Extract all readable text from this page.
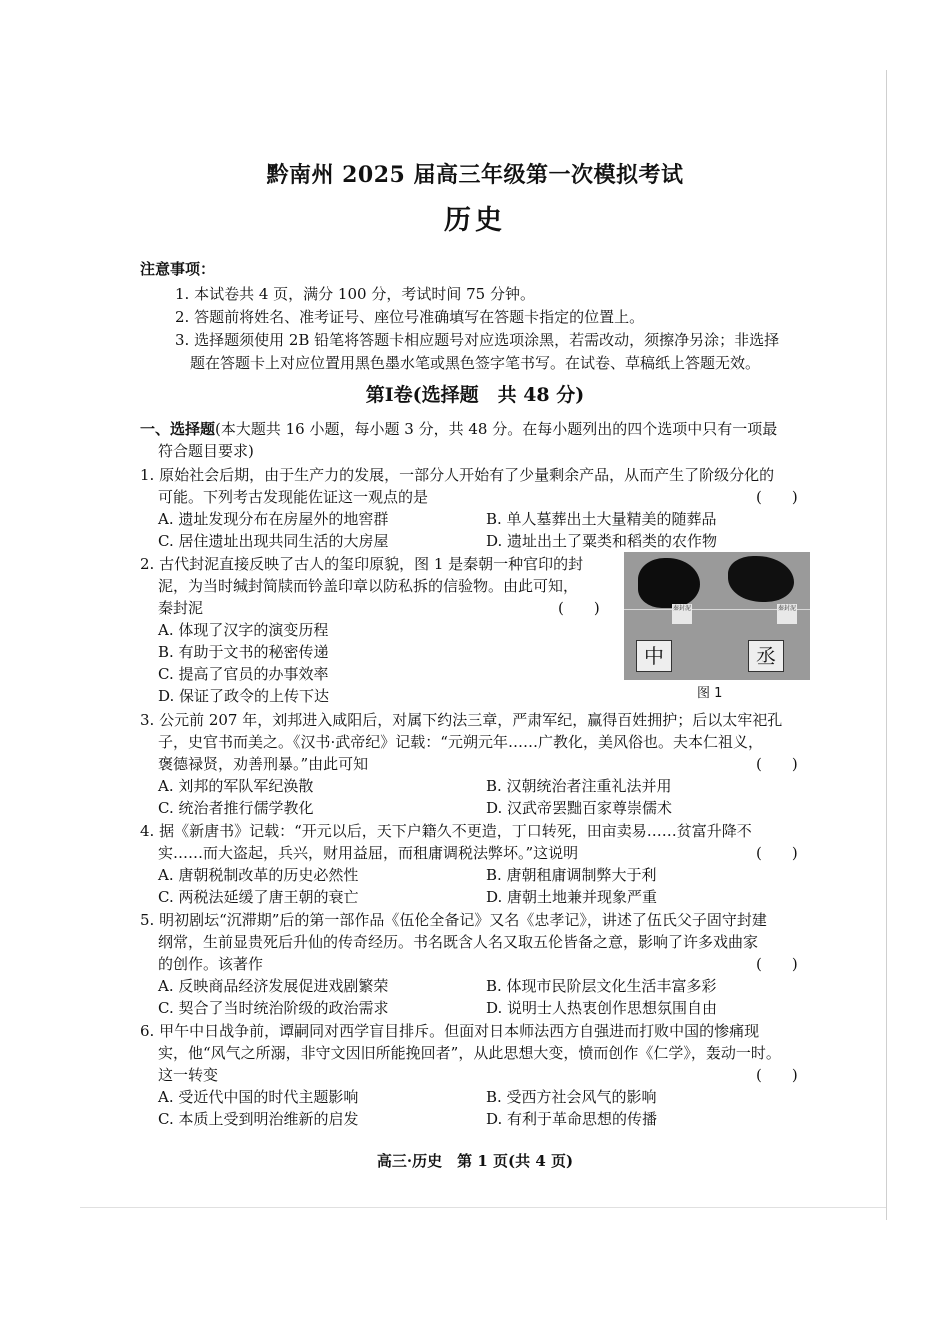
黔南州 2025 届高三年级第一次模拟考试
历史
注意事项：
1. 本试卷共 4 页，满分 100 分，考试时间 75 分钟。
2. 答题前将姓名、准考证号、座位号准确填写在答题卡指定的位置上。
3. 选择题须使用 2B 铅笔将答题卡相应题号对应选项涂黑，若需改动，须擦净另涂；非选择
题在答题卡上对应位置用黑色墨水笔或黑色签字笔书写。在试卷、草稿纸上答题无效。
第Ⅰ卷(选择题　共 48 分)
一、选择题(本大题共 16 小题，每小题 3 分，共 48 分。在每小题列出的四个选项中只有一项最
符合题目要求)
1. 原始社会后期，由于生产力的发展，一部分人开始有了少量剩余产品，从而产生了阶级分化的
可能。下列考古发现能佐证这一观点的是	(　　)
A. 遗址发现分布在房屋外的地窖群	B. 单人墓葬出土大量精美的随葬品
C. 居住遗址出现共同生活的大房屋	D. 遗址出土了粟类和稻类的农作物
2. 古代封泥直接反映了古人的玺印原貌，图 1 是秦朝一种官印的封
泥，为当时缄封简牍而钤盖印章以防私拆的信验物。由此可知，
秦封泥	(　　)
A. 体现了汉字的演变历程
B. 有助于文书的秘密传递
C. 提高了官员的办事效率
D. 保证了政令的上传下达
秦封泥	秦封泥
中	丞
图 1
3. 公元前 207 年，刘邦进入咸阳后，对属下约法三章，严肃军纪，赢得百姓拥护；后以太牢祀孔
子，史官书而美之。《汉书·武帝纪》记载：“元朔元年……广教化，美风俗也。夫本仁祖义，
褒德禄贤，劝善刑暴。”由此可知	(　　)
A. 刘邦的军队军纪涣散	B. 汉朝统治者注重礼法并用
C. 统治者推行儒学教化	D. 汉武帝罢黜百家尊崇儒术
4. 据《新唐书》记载：“开元以后，天下户籍久不更造，丁口转死，田亩卖易……贫富升降不
实……而大盗起，兵兴，财用益屈，而租庸调税法弊坏。”这说明	(　　)
A. 唐朝税制改革的历史必然性	B. 唐朝租庸调制弊大于利
C. 两税法延缓了唐王朝的衰亡	D. 唐朝土地兼并现象严重
5. 明初剧坛“沉滞期”后的第一部作品《伍伦全备记》又名《忠孝记》，讲述了伍氏父子固守封建
纲常，生前显贵死后升仙的传奇经历。书名既含人名又取五伦皆备之意，影响了许多戏曲家
的创作。该著作	(　　)
A. 反映商品经济发展促进戏剧繁荣	B. 体现市民阶层文化生活丰富多彩
C. 契合了当时统治阶级的政治需求	D. 说明士人热衷创作思想氛围自由
6. 甲午中日战争前，谭嗣同对西学盲目排斥。但面对日本师法西方自强进而打败中国的惨痛现
实，他“风气之所溺，非守文因旧所能挽回者”，从此思想大变，愤而创作《仁学》，轰动一时。
这一转变	(　　)
A. 受近代中国的时代主题影响	B. 受西方社会风气的影响
C. 本质上受到明治维新的启发	D. 有利于革命思想的传播
高三·历史　第 1 页(共 4 页)
